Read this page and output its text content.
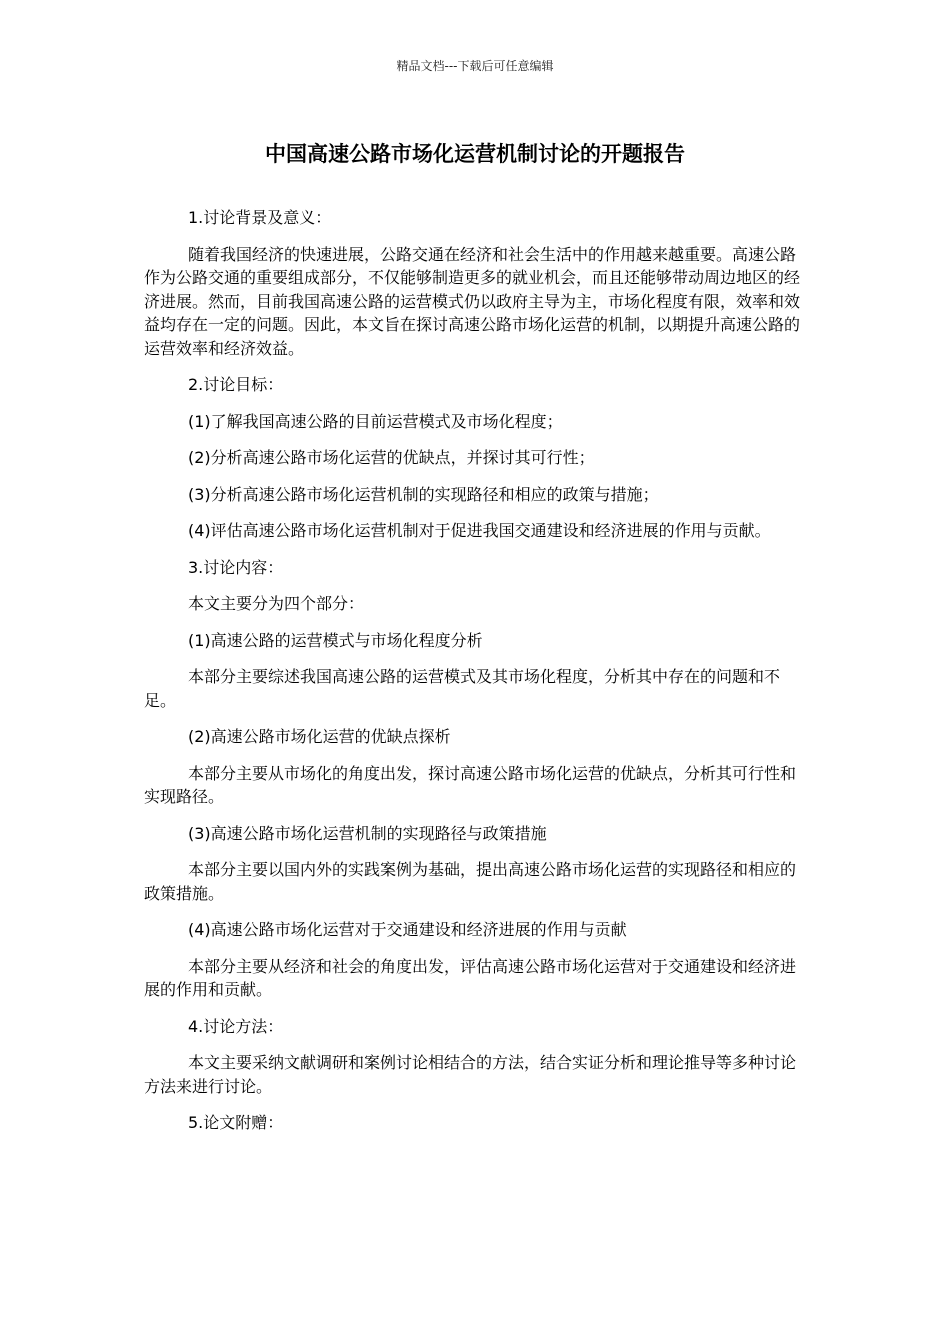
精品文档---下载后可任意编辑
中国高速公路市场化运营机制讨论的开题报告

1.讨论背景及意义：

随着我国经济的快速进展，公路交通在经济和社会生活中的作用越来越重要。高速公路作为公路交通的重要组成部分，不仅能够制造更多的就业机会，而且还能够带动周边地区的经济进展。然而，目前我国高速公路的运营模式仍以政府主导为主，市场化程度有限，效率和效益均存在一定的问题。因此，本文旨在探讨高速公路市场化运营的机制，以期提升高速公路的运营效率和经济效益。

2.讨论目标：

(1)了解我国高速公路的目前运营模式及市场化程度；

(2)分析高速公路市场化运营的优缺点，并探讨其可行性；

(3)分析高速公路市场化运营机制的实现路径和相应的政策与措施；

(4)评估高速公路市场化运营机制对于促进我国交通建设和经济进展的作用与贡献。

3.讨论内容：

本文主要分为四个部分：

(1)高速公路的运营模式与市场化程度分析

本部分主要综述我国高速公路的运营模式及其市场化程度，分析其中存在的问题和不足。

(2)高速公路市场化运营的优缺点探析

本部分主要从市场化的角度出发，探讨高速公路市场化运营的优缺点，分析其可行性和实现路径。

(3)高速公路市场化运营机制的实现路径与政策措施

本部分主要以国内外的实践案例为基础，提出高速公路市场化运营的实现路径和相应的政策措施。

(4)高速公路市场化运营对于交通建设和经济进展的作用与贡献

本部分主要从经济和社会的角度出发，评估高速公路市场化运营对于交通建设和经济进展的作用和贡献。

4.讨论方法：

本文主要采纳文献调研和案例讨论相结合的方法，结合实证分析和理论推导等多种讨论方法来进行讨论。

5.论文附赠：
